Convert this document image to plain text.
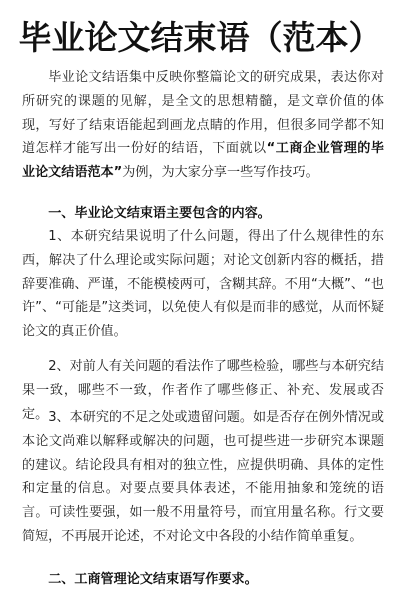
毕业论文结束语（范本）

毕业论文结语集中反映你整篇论文的研究成果，表达你对所研究的课题的见解，是全文的思想精髓，是文章价值的体现，写好了结束语能起到画龙点睛的作用，但很多同学都不知道怎样才能写出一份好的结语，下面就以“工商企业管理的毕业论文结语范本”为例，为大家分享一些写作技巧。

一、毕业论文结束语主要包含的内容。

1、本研究结果说明了什么问题，得出了什么规律性的东西，解决了什么理论或实际问题；对论文创新内容的概括，措辞要准确、严谨，不能模棱两可，含糊其辞。不用“大概”、“也许”、“可能是”这类词，以免使人有似是而非的感觉，从而怀疑论文的真正价值。

2、对前人有关问题的看法作了哪些检验，哪些与本研究结果一致，哪些不一致，作者作了哪些修正、补充、发展或否定。 3、本研究的不足之处或遗留问题。如是否存在例外情况或本论文尚难以解释或解决的问题，也可提些进一步研究本课题的建议。结论段具有相对的独立性，应提供明确、具体的定性和定量的信息。对要点要具体表述，不能用抽象和笼统的语言。可读性要强，如一般不用量符号，而宜用量名称。行文要简短，不再展开论述，不对论文中各段的小结作简单重复。

二、工商管理论文结束语写作要求。
